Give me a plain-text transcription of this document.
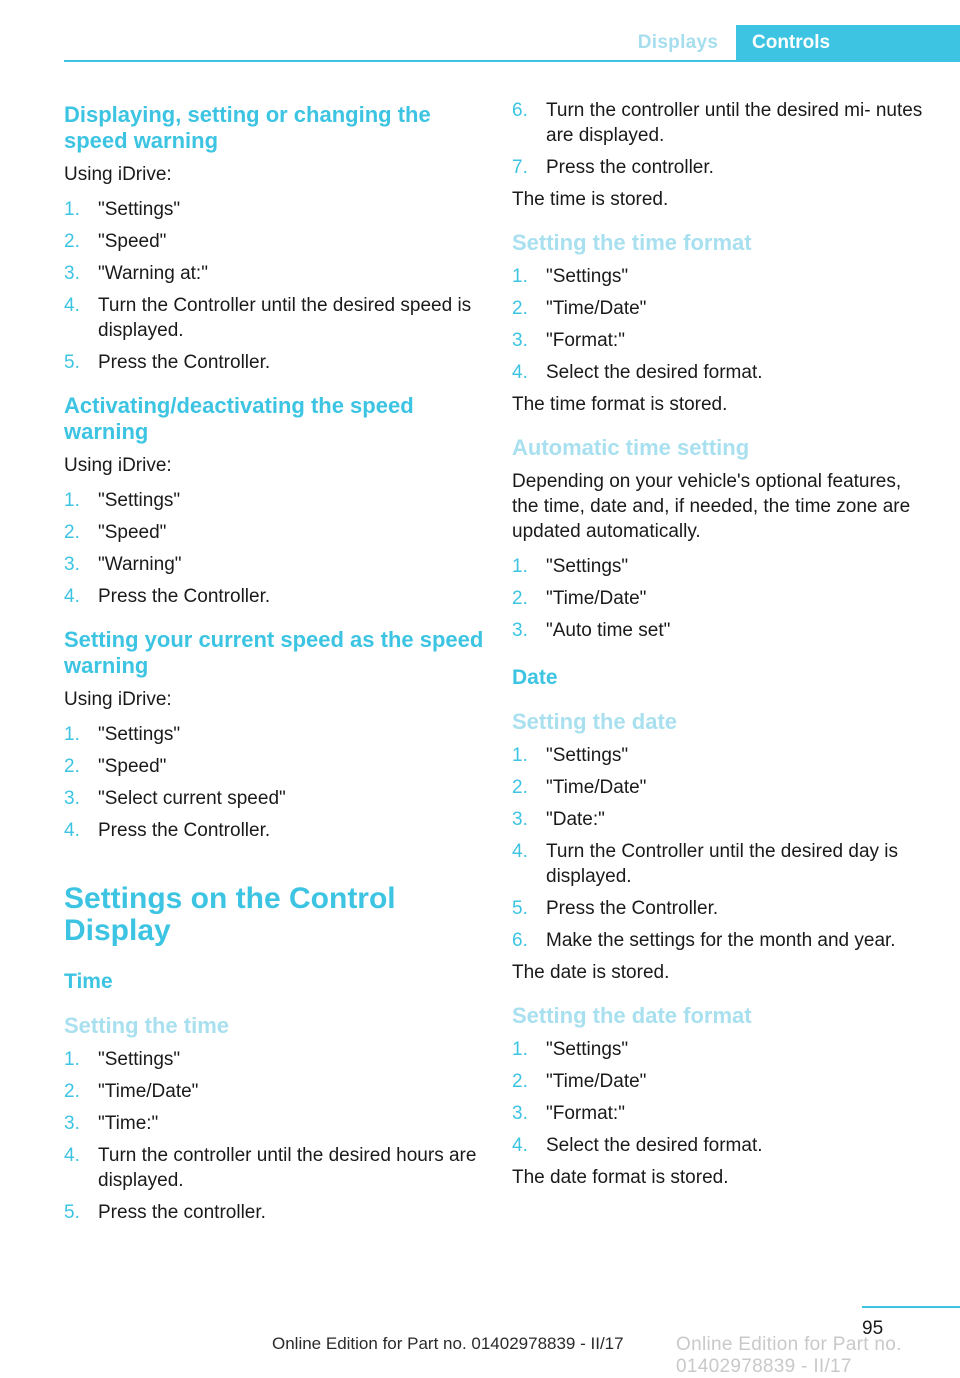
Displays	Controls
Displaying, setting or changing the speed warning
Using iDrive:
1. "Settings"
2. "Speed"
3. "Warning at:"
4. Turn the Controller until the desired speed is displayed.
5. Press the Controller.
Activating/deactivating the speed warning
Using iDrive:
1. "Settings"
2. "Speed"
3. "Warning"
4. Press the Controller.
Setting your current speed as the speed warning
Using iDrive:
1. "Settings"
2. "Speed"
3. "Select current speed"
4. Press the Controller.
Settings on the Control Display
Time
Setting the time
1. "Settings"
2. "Time/Date"
3. "Time:"
4. Turn the controller until the desired hours are displayed.
5. Press the controller.
6. Turn the controller until the desired mi‐ nutes are displayed.
7. Press the controller.
The time is stored.
Setting the time format
1. "Settings"
2. "Time/Date"
3. "Format:"
4. Select the desired format.
The time format is stored.
Automatic time setting
Depending on your vehicle's optional features, the time, date and, if needed, the time zone are updated automatically.
1. "Settings"
2. "Time/Date"
3. "Auto time set"
Date
Setting the date
1. "Settings"
2. "Time/Date"
3. "Date:"
4. Turn the Controller until the desired day is displayed.
5. Press the Controller.
6. Make the settings for the month and year.
The date is stored.
Setting the date format
1. "Settings"
2. "Time/Date"
3. "Format:"
4. Select the desired format.
The date format is stored.
95
Online Edition for Part no. 01402978839 - II/17	Online Edition for Part no. 01402978839 - II/17
